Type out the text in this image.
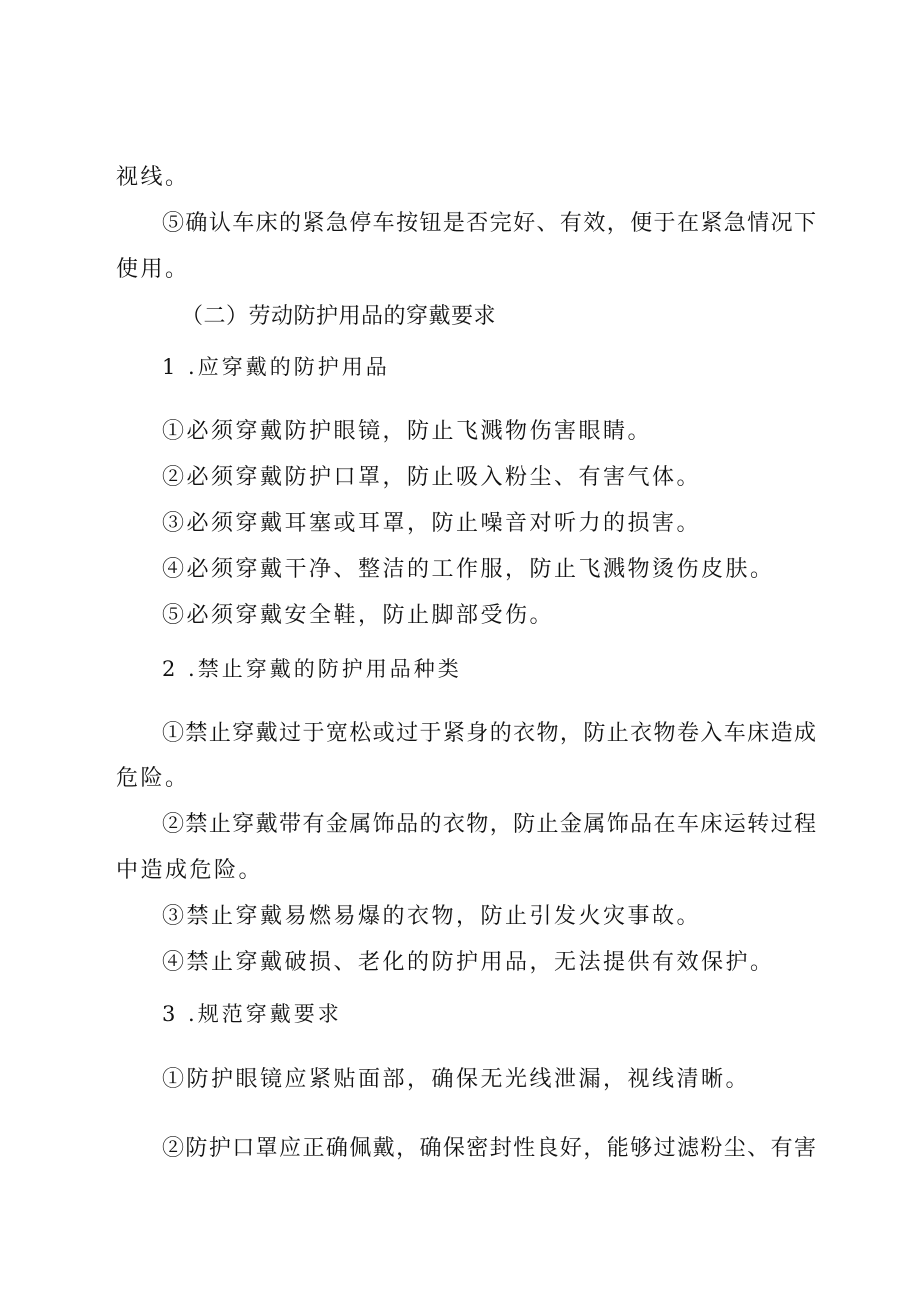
视线。
⑤确认车床的紧急停车按钮是否完好、有效，便于在紧急情况下
使用。
（二）劳动防护用品的穿戴要求
1 .应穿戴的防护用品
①必须穿戴防护眼镜，防止飞溅物伤害眼睛。
②必须穿戴防护口罩，防止吸入粉尘、有害气体。
③必须穿戴耳塞或耳罩，防止噪音对听力的损害。
④必须穿戴干净、整洁的工作服，防止飞溅物烫伤皮肤。
⑤必须穿戴安全鞋，防止脚部受伤。
2 .禁止穿戴的防护用品种类
①禁止穿戴过于宽松或过于紧身的衣物，防止衣物卷入车床造成
危险。
②禁止穿戴带有金属饰品的衣物，防止金属饰品在车床运转过程
中造成危险。
③禁止穿戴易燃易爆的衣物，防止引发火灾事故。
④禁止穿戴破损、老化的防护用品，无法提供有效保护。
3 .规范穿戴要求
①防护眼镜应紧贴面部，确保无光线泄漏，视线清晰。
②防护口罩应正确佩戴，确保密封性良好，能够过滤粉尘、有害
